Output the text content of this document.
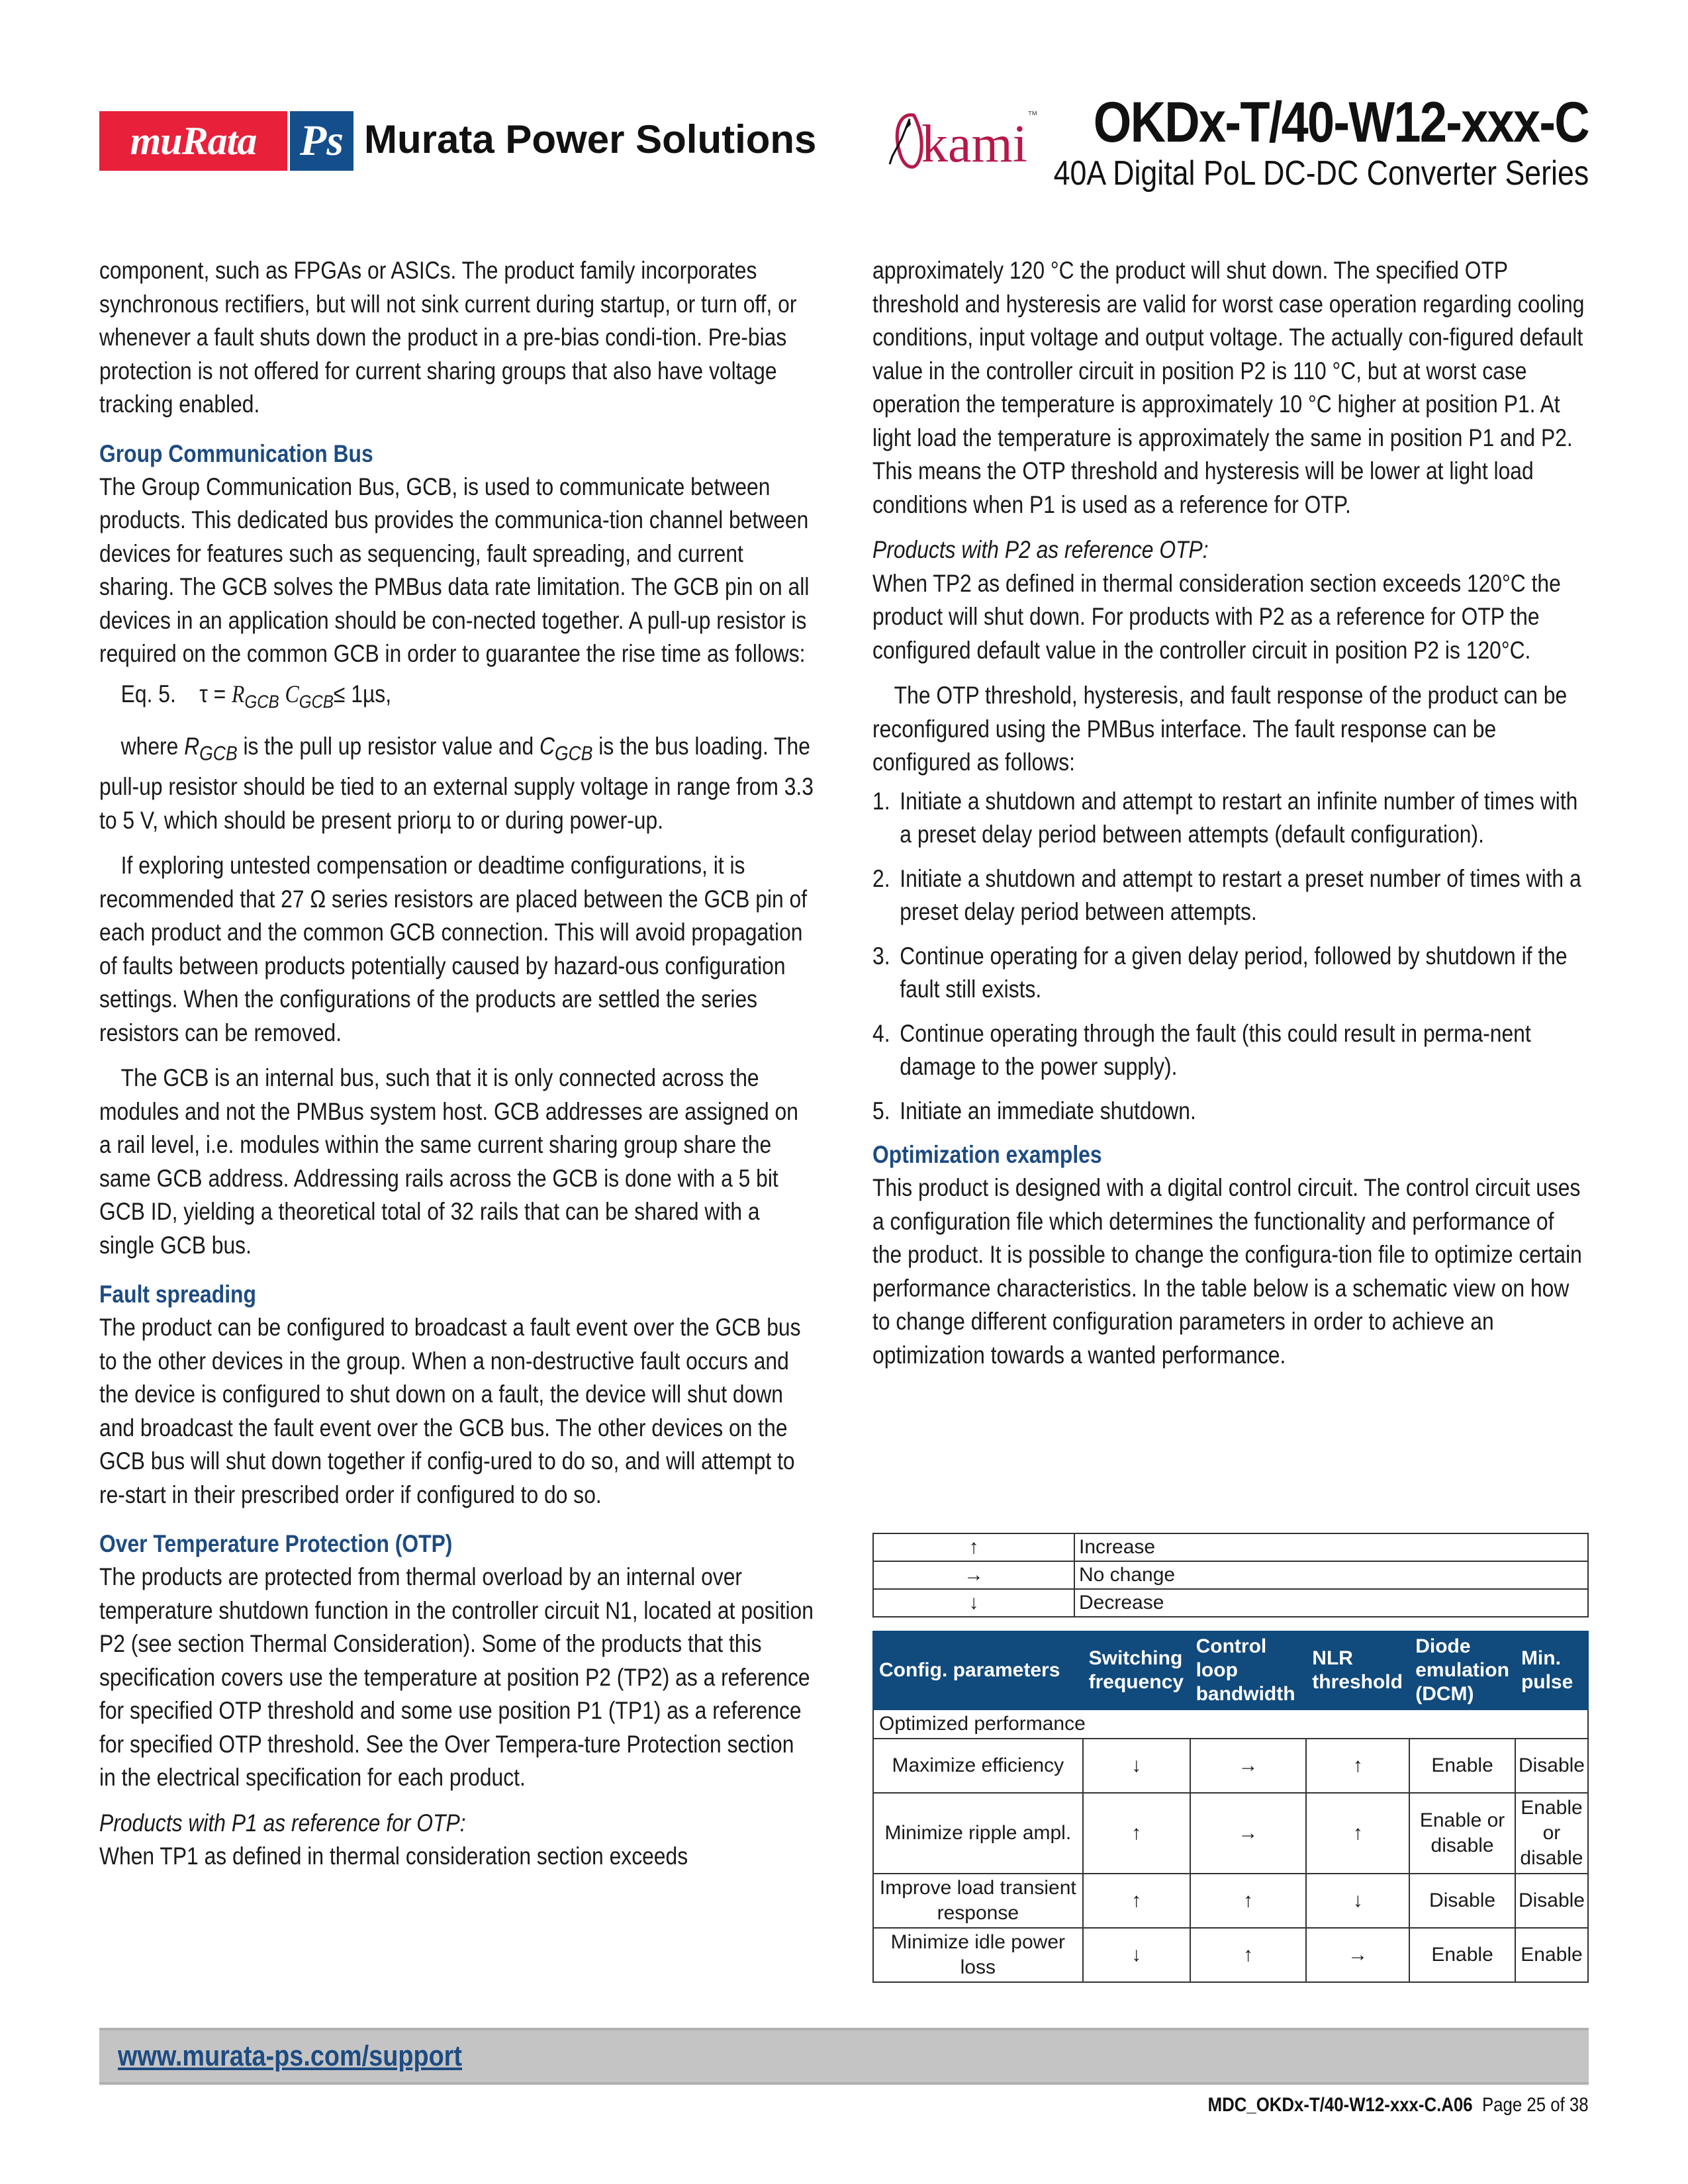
muRata Ps Murata Power Solutions kami ™ OKDx-T/40-W12-xxx-C
40A Digital PoL DC-DC Converter Series

component, such as FPGAs or ASICs. The product family incorporates synchronous rectifiers, but will not sink current during startup, or turn off, or whenever a fault shuts down the product in a pre-bias condi-tion. Pre-bias protection is not offered for current sharing groups that also have voltage tracking enabled.

Group Communication Bus

The Group Communication Bus, GCB, is used to communicate between products. This dedicated bus provides the communica-tion channel between devices for features such as sequencing, fault spreading, and current sharing. The GCB solves the PMBus data rate limitation. The GCB pin on all devices in an application should be con-nected together. A pull-up resistor is required on the common GCB in order to guarantee the rise time as follows:

Eq. 5. $\tau = R_{GCB}$ $C_{GCB}\le 1\mu s$,

where $R_{GCB}$ is the pull up resistor value and $C_{GCB}$ is the bus loading. The pull-up resistor should be tied to an external supply voltage in range from 3.3 to 5 V, which should be present priorµ to or during power-up.

If exploring untested compensation or deadtime configurations, it is recommended that 27 Ω series resistors are placed between the GCB pin of each product and the common GCB connection. This will avoid propagation of faults between products potentially caused by hazard-ous configuration settings. When the configurations of the products are settled the series resistors can be removed.

The GCB is an internal bus, such that it is only connected across the modules and not the PMBus system host. GCB addresses are assigned on a rail level, i.e. modules within the same current sharing group share the same GCB address. Addressing rails across the GCB is done with a 5 bit GCB ID, yielding a theoretical total of 32 rails that can be shared with a single GCB bus.

Fault spreading

The product can be configured to broadcast a fault event over the GCB bus to the other devices in the group. When a non-destructive fault occurs and the device is configured to shut down on a fault, the device will shut down and broadcast the fault event over the GCB bus. The other devices on the GCB bus will shut down together if config-ured to do so, and will attempt to re-start in their prescribed order if configured to do so.

Over Temperature Protection (OTP)

The products are protected from thermal overload by an internal over temperature shutdown function in the controller circuit N1, located at position P2 (see section Thermal Consideration). Some of the products that this specification covers use the temperature at position P2 (TP2) as a reference for specified OTP threshold and some use position P1 (TP1) as a reference for specified OTP threshold. See the Over Tempera-ture Protection section in the electrical specification for each product.

Products with P1 as reference for OTP:

When TP1 as defined in thermal consideration section exceeds

approximately 120 °C the product will shut down. The specified OTP threshold and hysteresis are valid for worst case operation regarding cooling conditions, input voltage and output voltage. The actually con-figured default value in the controller circuit in position P2 is 110 °C, but at worst case operation the temperature is approximately 10 °C higher at position P1. At light load the temperature is approximately the same in position P1 and P2. This means the OTP threshold and hysteresis will be lower at light load conditions when P1 is used as a reference for OTP.

Products with P2 as reference OTP:

When TP2 as defined in thermal consideration section exceeds 120°C the product will shut down. For products with P2 as a reference for OTP the configured default value in the controller circuit in position P2 is 120°C.

The OTP threshold, hysteresis, and fault response of the product can be reconfigured using the PMBus interface. The fault response can be configured as follows:

1. Initiate a shutdown and attempt to restart an infinite number of times with a preset delay period between attempts (default configuration).
2. Initiate a shutdown and attempt to restart a preset number of times with a preset delay period between attempts.
3. Continue operating for a given delay period, followed by shutdown if the fault still exists.
4. Continue operating through the fault (this could result in perma-nent damage to the power supply).
5. Initiate an immediate shutdown.
Optimization examples

This product is designed with a digital control circuit. The control circuit uses a configuration file which determines the functionality and performance of the product. It is possible to change the configura-tion file to optimize certain performance characteristics. In the table below is a schematic view on how to change different configuration parameters in order to achieve an optimization towards a wanted performance.

↑	Increase
→	No change
↓	Decrease
Config. parameters	Switching frequency	Control loop bandwidth	NLR threshold	Diode emulation (DCM)	Min. pulse
Optimized performance					
Maximize efficiency	↓	→	↑	Enable	Disable
Minimize ripple ampl.	↑	→	↑	Enable or disable	Enable or disable
Improve load transient response	↑	↑	↓	Disable	Disable
Minimize idle power loss	↓	↑	→	Enable	Enable
www.murata-ps.com/support
MDC_OKDx-T/40-W12-xxx-C.A06 Page 25 of 38
